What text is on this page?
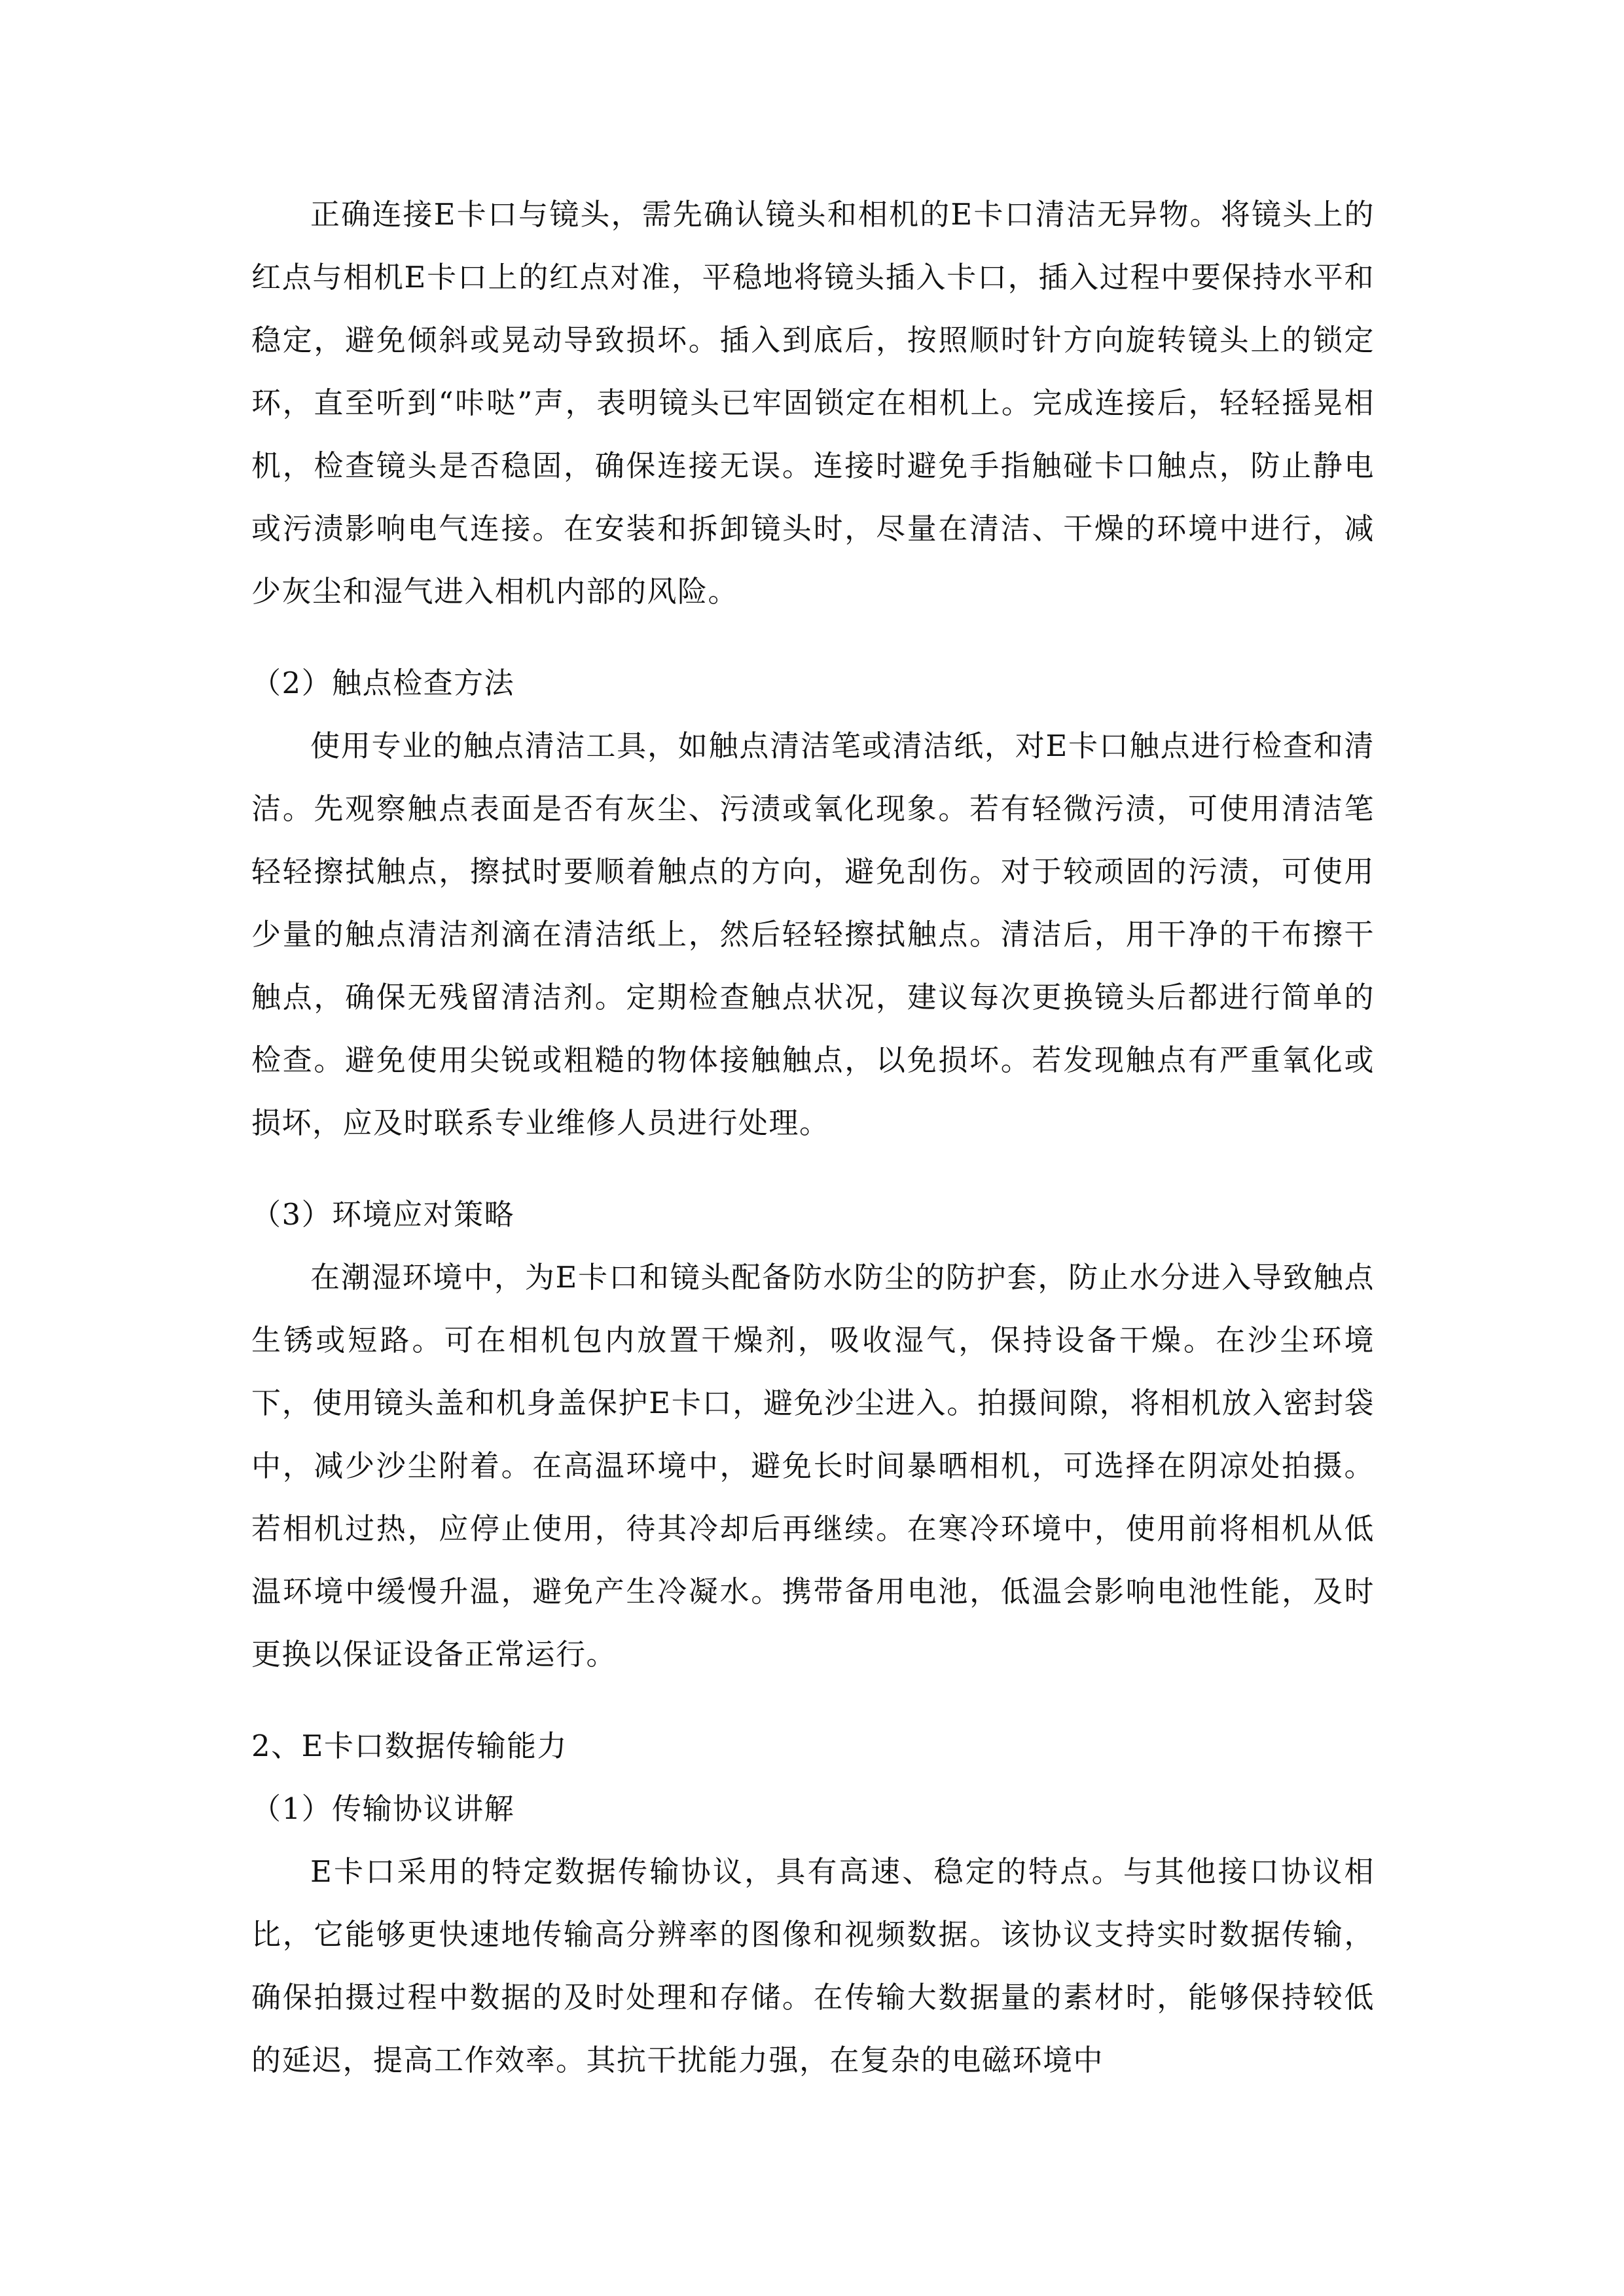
正确连接E卡口与镜头，需先确认镜头和相机的E卡口清洁无异物。将镜头上的红点与相机E卡口上的红点对准，平稳地将镜头插入卡口，插入过程中要保持水平和稳定，避免倾斜或晃动导致损坏。插入到底后，按照顺时针方向旋转镜头上的锁定环，直至听到“咔哒”声，表明镜头已牢固锁定在相机上。完成连接后，轻轻摇晃相机，检查镜头是否稳固，确保连接无误。连接时避免手指触碰卡口触点，防止静电或污渍影响电气连接。在安装和拆卸镜头时，尽量在清洁、干燥的环境中进行，减少灰尘和湿气进入相机内部的风险。

（2）触点检查方法

使用专业的触点清洁工具，如触点清洁笔或清洁纸，对E卡口触点进行检查和清洁。先观察触点表面是否有灰尘、污渍或氧化现象。若有轻微污渍，可使用清洁笔轻轻擦拭触点，擦拭时要顺着触点的方向，避免刮伤。对于较顽固的污渍，可使用少量的触点清洁剂滴在清洁纸上，然后轻轻擦拭触点。清洁后，用干净的干布擦干触点，确保无残留清洁剂。定期检查触点状况，建议每次更换镜头后都进行简单的检查。避免使用尖锐或粗糙的物体接触触点，以免损坏。若发现触点有严重氧化或损坏，应及时联系专业维修人员进行处理。

（3）环境应对策略

在潮湿环境中，为E卡口和镜头配备防水防尘的防护套，防止水分进入导致触点生锈或短路。可在相机包内放置干燥剂，吸收湿气，保持设备干燥。在沙尘环境下，使用镜头盖和机身盖保护E卡口，避免沙尘进入。拍摄间隙，将相机放入密封袋中，减少沙尘附着。在高温环境中，避免长时间暴晒相机，可选择在阴凉处拍摄。若相机过热，应停止使用，待其冷却后再继续。在寒冷环境中，使用前将相机从低温环境中缓慢升温，避免产生冷凝水。携带备用电池，低温会影响电池性能，及时更换以保证设备正常运行。

2、E卡口数据传输能力

（1）传输协议讲解

E卡口采用的特定数据传输协议，具有高速、稳定的特点。与其他接口协议相比，它能够更快速地传输高分辨率的图像和视频数据。该协议支持实时数据传输，确保拍摄过程中数据的及时处理和存储。在传输大数据量的素材时，能够保持较低的延迟，提高工作效率。其抗干扰能力强，在复杂的电磁环境中
